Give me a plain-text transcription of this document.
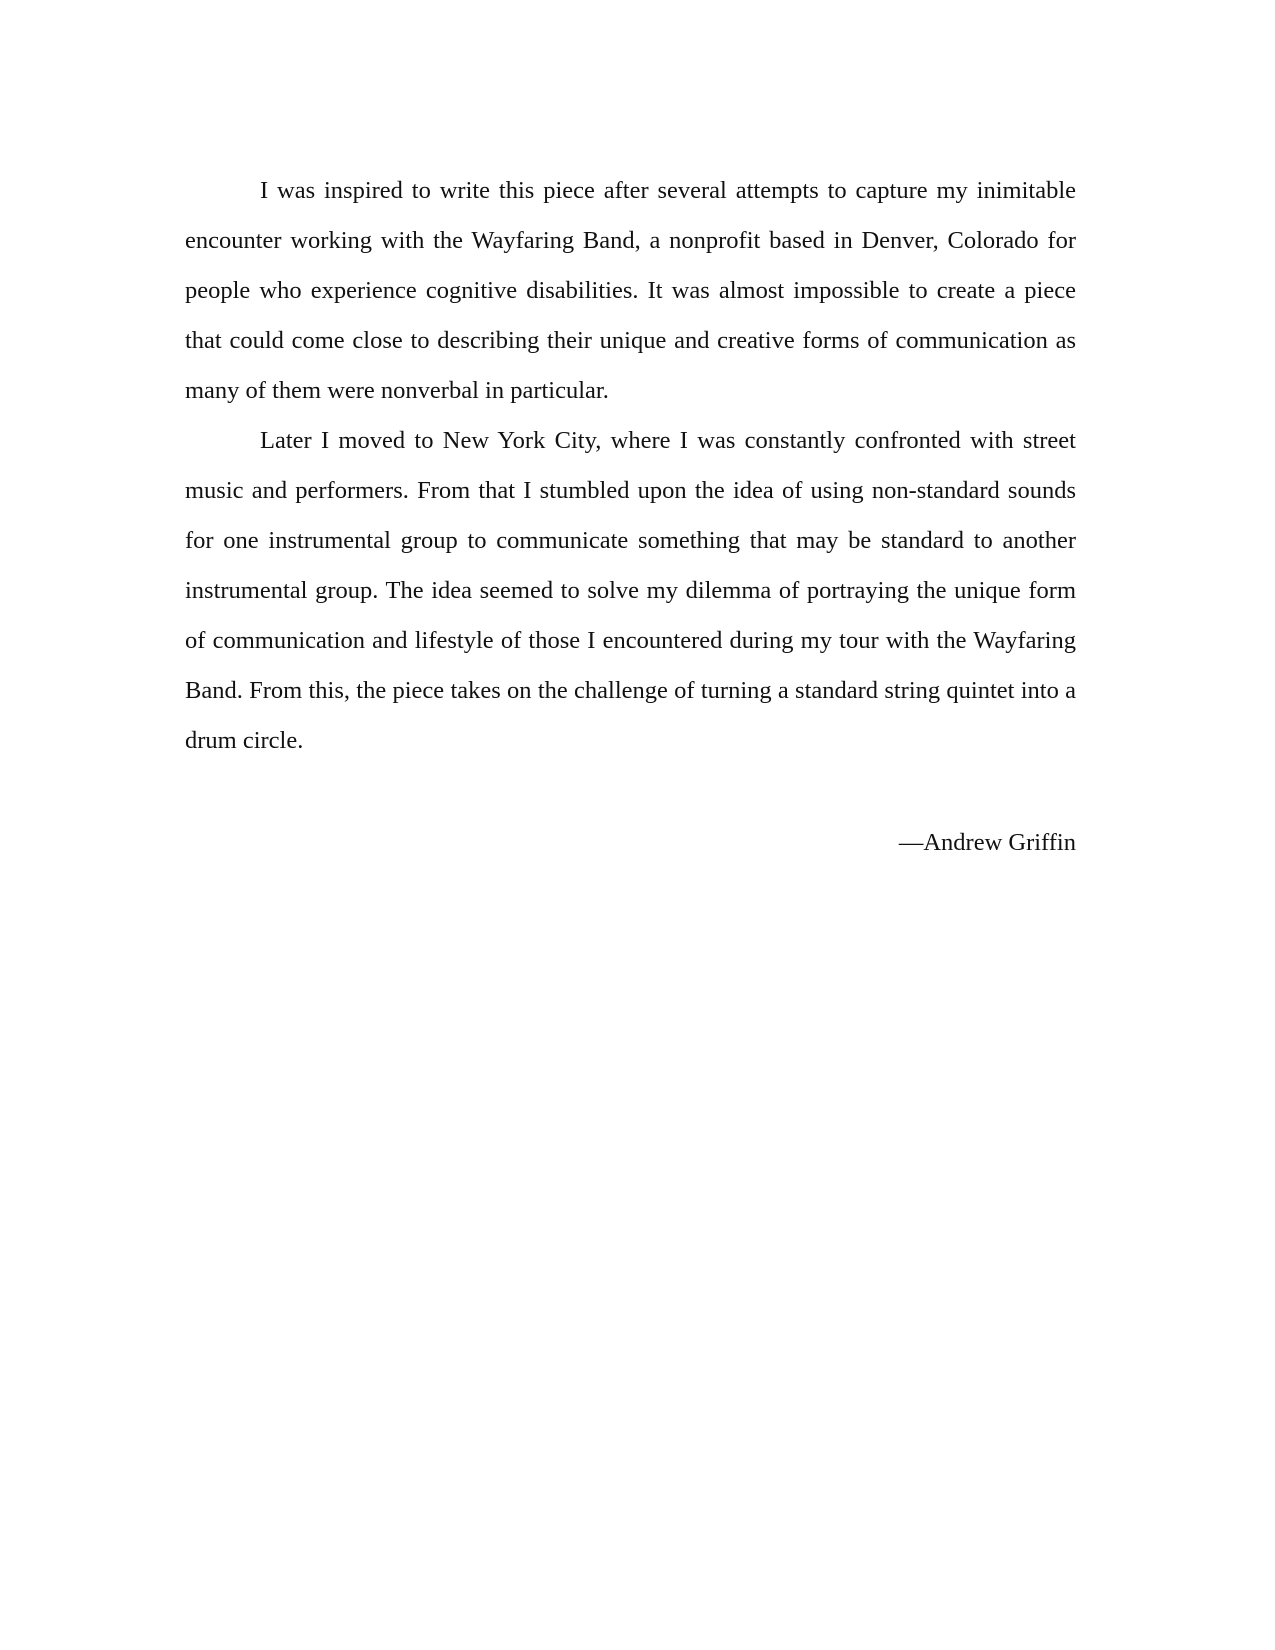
I was inspired to write this piece after several attempts to capture my inimitable encounter working with the Wayfaring Band, a nonprofit based in Denver, Colorado for people who experience cognitive disabilities. It was almost impossible to create a piece that could come close to describing their unique and creative forms of communication as many of them were nonverbal in particular.

Later I moved to New York City, where I was constantly confronted with street music and performers. From that I stumbled upon the idea of using non-standard sounds for one instrumental group to communicate something that may be standard to another instrumental group. The idea seemed to solve my dilemma of portraying the unique form of communication and lifestyle of those I encountered during my tour with the Wayfaring Band. From this, the piece takes on the challenge of turning a standard string quintet into a drum circle.

—Andrew Griffin
